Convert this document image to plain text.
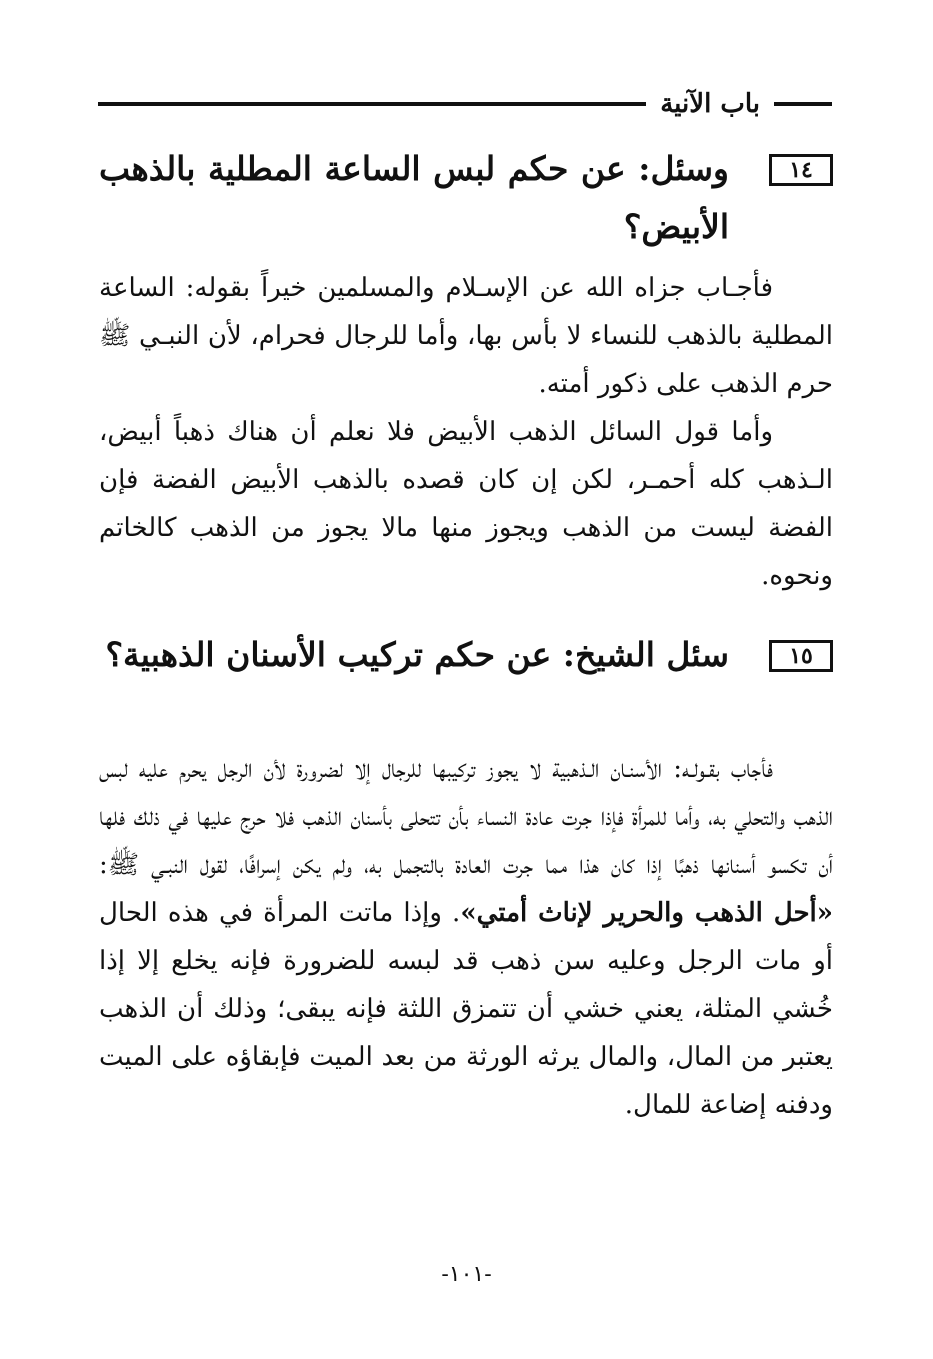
باب الآنية
١٤
وسئل: عن حكم لبس الساعة المطلية بالذهب الأبيض؟

فأجـاب جزاه الله عن الإسـلام والمسلمين خيراً بقوله: الساعة المطلية بالذهب للنساء لا بأس بها، وأما للرجال فحرام، لأن النبـي ﷺ حرم الذهب على ذكور أمته.

وأما قول السائل الذهب الأبيض فلا نعلم أن هناك ذهباً أبيض، الـذهب كله أحمـر، لكن إن كان قصده بالذهب الأبيض الفضة فإن الفضة ليست من الذهب ويجوز منها مالا يجوز من الذهب كالخاتم ونحوه.

١٥
سئل الشيخ: عن حكم تركيب الأسنان الذهبية؟

فأجاب بقـولـه: الأسنـان الـذهبية لا يجوز تركيبها للرجال إلا لضرورة لأن الرجل يحرم عليه لبس الذهب والتحلي به، وأما للمرأة فإذا جرت عادة النساء بأن تتحلى بأسنان الذهب فلا حرج عليها في ذلك فلها أن تكسو أسنانها ذهبًا إذا كان هذا مما جرت العادة بالتجمل به، ولم يكن إسرافًا، لقول النبـي ﷺ: «أحل الذهب والحرير لإناث أمتي». وإذا ماتت المرأة في هذه الحال أو مات الرجل وعليه سن ذهب قد لبسه للضرورة فإنه يخلع إلا إذا خُشي المثلة، يعني خشي أن تتمزق اللثة فإنه يبقى؛ وذلك أن الذهب يعتبر من المال، والمال يرثه الورثة من بعد الميت فإبقاؤه على الميت ودفنه إضاعة للمال.

-١٠١-
